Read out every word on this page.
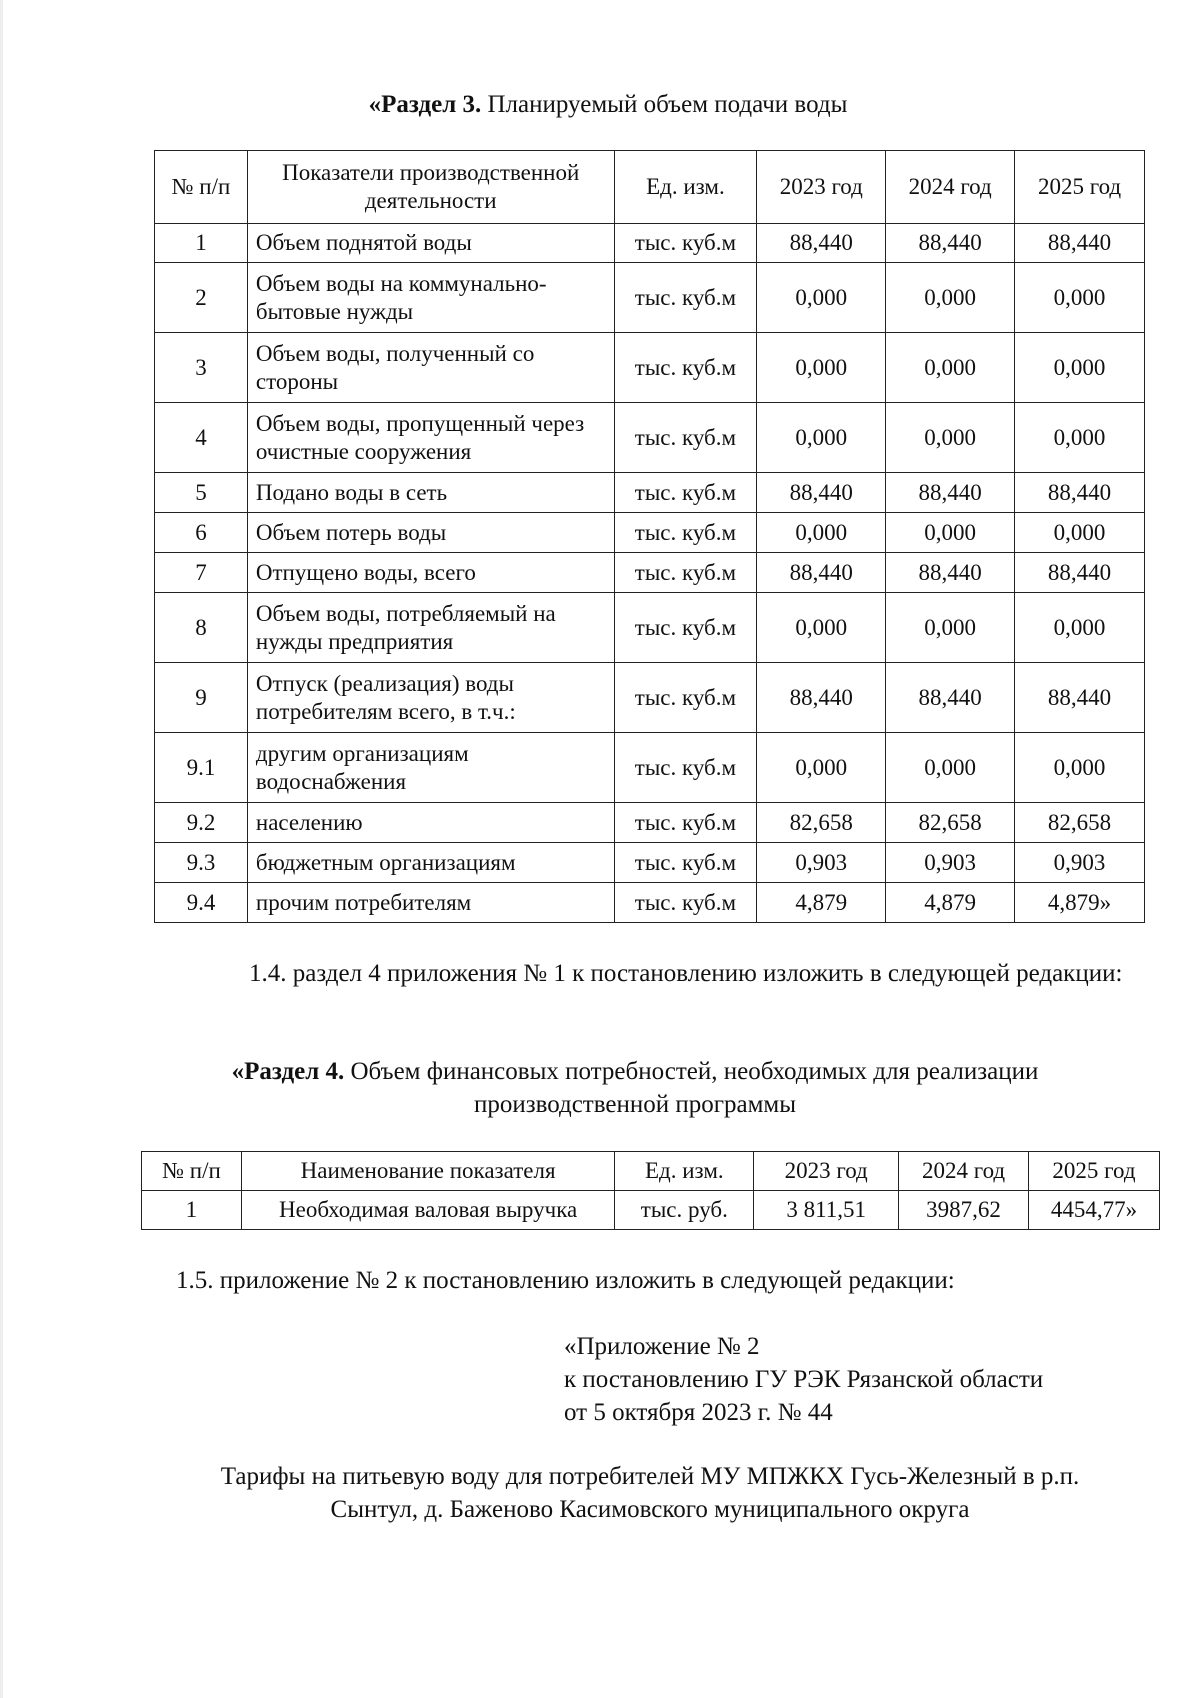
«Раздел 3. Планируемый объем подачи воды
№ п/п	Показатели производственной деятельности	Ед. изм.	2023 год	2024 год	2025 год
1	Объем поднятой воды	тыс. куб.м	88,440	88,440	88,440
2	Объем воды на коммунально-бытовые нужды	тыс. куб.м	0,000	0,000	0,000
3	Объем воды, полученный со стороны	тыс. куб.м	0,000	0,000	0,000
4	Объем воды, пропущенный через очистные сооружения	тыс. куб.м	0,000	0,000	0,000
5	Подано воды в сеть	тыс. куб.м	88,440	88,440	88,440
6	Объем потерь воды	тыс. куб.м	0,000	0,000	0,000
7	Отпущено воды, всего	тыс. куб.м	88,440	88,440	88,440
8	Объем воды, потребляемый на нужды предприятия	тыс. куб.м	0,000	0,000	0,000
9	Отпуск (реализация) воды потребителям всего, в т.ч.:	тыс. куб.м	88,440	88,440	88,440
9.1	другим организациям водоснабжения	тыс. куб.м	0,000	0,000	0,000
9.2	населению	тыс. куб.м	82,658	82,658	82,658
9.3	бюджетным организациям	тыс. куб.м	0,903	0,903	0,903
9.4	прочим потребителям	тыс. куб.м	4,879	4,879	4,879»
1.4. раздел 4 приложения № 1 к постановлению изложить в следующей редакции:
«Раздел 4. Объем финансовых потребностей, необходимых для реализации производственной программы
№ п/п	Наименование показателя	Ед. изм.	2023 год	2024 год	2025 год
1	Необходимая валовая выручка	тыс. руб.	3 811,51	3987,62	4454,77»
1.5. приложение № 2 к постановлению изложить в следующей редакции:
«Приложение № 2
к постановлению ГУ РЭК Рязанской области
от 5 октября 2023 г. № 44
Тарифы на питьевую воду для потребителей МУ МПЖКХ Гусь-Железный в р.п. Сынтул, д. Баженово Касимовского муниципального округа
